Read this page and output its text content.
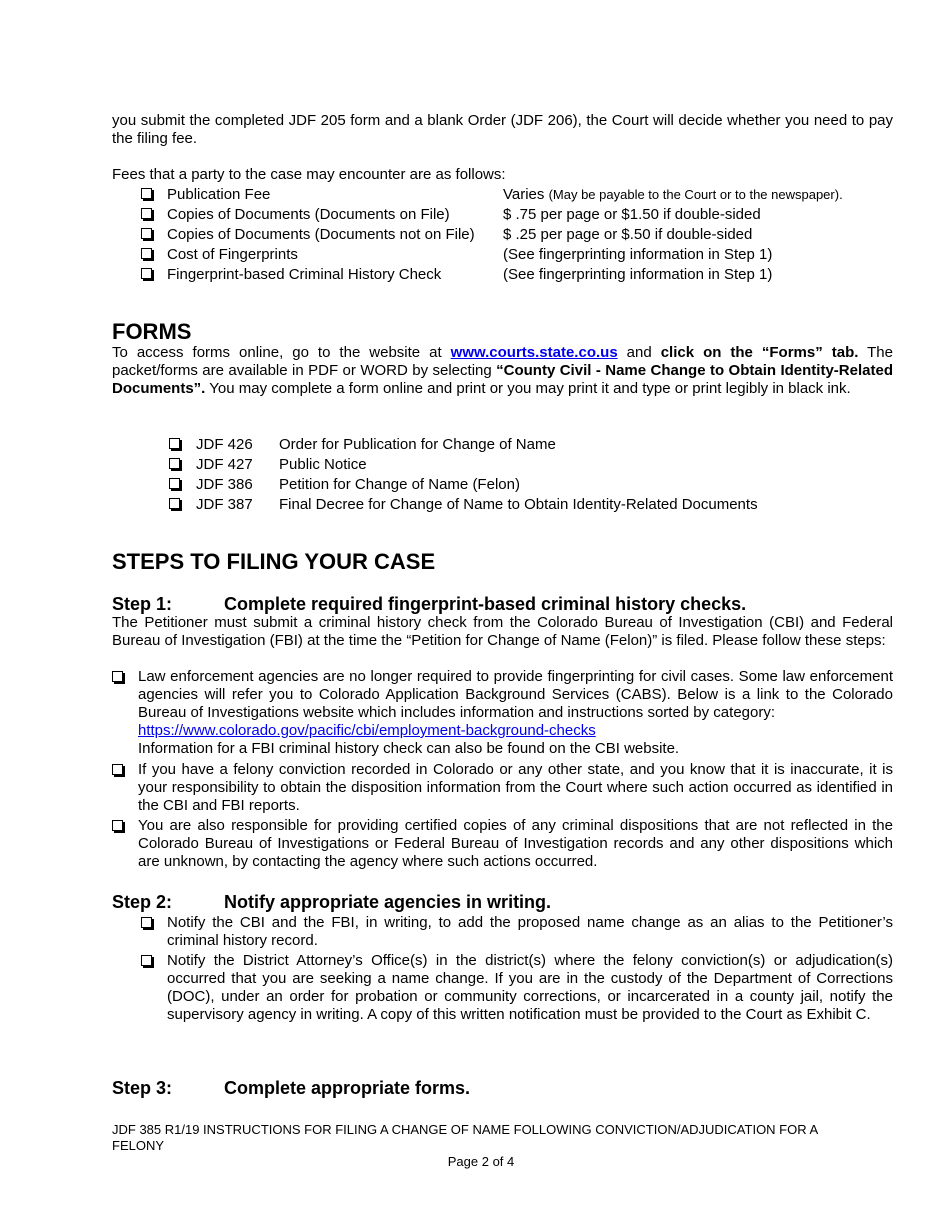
you submit the completed JDF 205 form and a blank Order (JDF 206), the Court will decide whether you need to pay the filing fee.

Fees that a party to the case may encounter are as follows:

Publication Fee	Varies (May be payable to the Court or to the newspaper).
Copies of Documents (Documents on File)	$ .75 per page or $1.50 if double-sided
Copies of Documents (Documents not on File) $ .25 per page or $.50 if double-sided
Cost of Fingerprints	(See fingerprinting information in Step 1)
Fingerprint-based Criminal History Check	(See fingerprinting information in Step 1)
FORMS

To access forms online, go to the website at www.courts.state.co.us and click on the “Forms” tab. The packet/forms are available in PDF or WORD by selecting “County Civil - Name Change to Obtain Identity-Related Documents”. You may complete a form online and print or you may print it and type or print legibly in black ink.

JDF 426 Order for Publication for Change of Name
JDF 427 Public Notice
JDF 386 Petition for Change of Name (Felon)
JDF 387 Final Decree for Change of Name to Obtain Identity-Related Documents
STEPS TO FILING YOUR CASE
Step 1:	Complete required fingerprint-based criminal history checks.

The Petitioner must submit a criminal history check from the Colorado Bureau of Investigation (CBI) and Federal Bureau of Investigation (FBI) at the time the “Petition for Change of Name (Felon)” is filed. Please follow these steps:

Law enforcement agencies are no longer required to provide fingerprinting for civil cases. Some law enforcement agencies will refer you to Colorado Application Background Services (CABS). Below is a link to the Colorado Bureau of Investigations website which includes information and instructions sorted by category:

https://www.colorado.gov/pacific/cbi/employment-background-checks

Information for a FBI criminal history check can also be found on the CBI website.

If you have a felony conviction recorded in Colorado or any other state, and you know that it is inaccurate, it is your responsibility to obtain the disposition information from the Court where such action occurred as identified in the CBI and FBI reports.

You are also responsible for providing certified copies of any criminal dispositions that are not reflected in the Colorado Bureau of Investigations or Federal Bureau of Investigation records and any other dispositions which are unknown, by contacting the agency where such actions occurred.

Step 2:	Notify appropriate agencies in writing.

Notify the CBI and the FBI, in writing, to add the proposed name change as an alias to the Petitioner’s criminal history record.

Notify the District Attorney’s Office(s) in the district(s) where the felony conviction(s) or adjudication(s) occurred that you are seeking a name change. If you are in the custody of the Department of Corrections (DOC), under an order for probation or community corrections, or incarcerated in a county jail, notify the supervisory agency in writing. A copy of this written notification must be provided to the Court as Exhibit C.

Step 3:	Complete appropriate forms.

JDF 385 R1/19 INSTRUCTIONS FOR FILING A CHANGE OF NAME FOLLOWING CONVICTION/ADJUDICATION FOR A FELONY

Page 2 of 4
